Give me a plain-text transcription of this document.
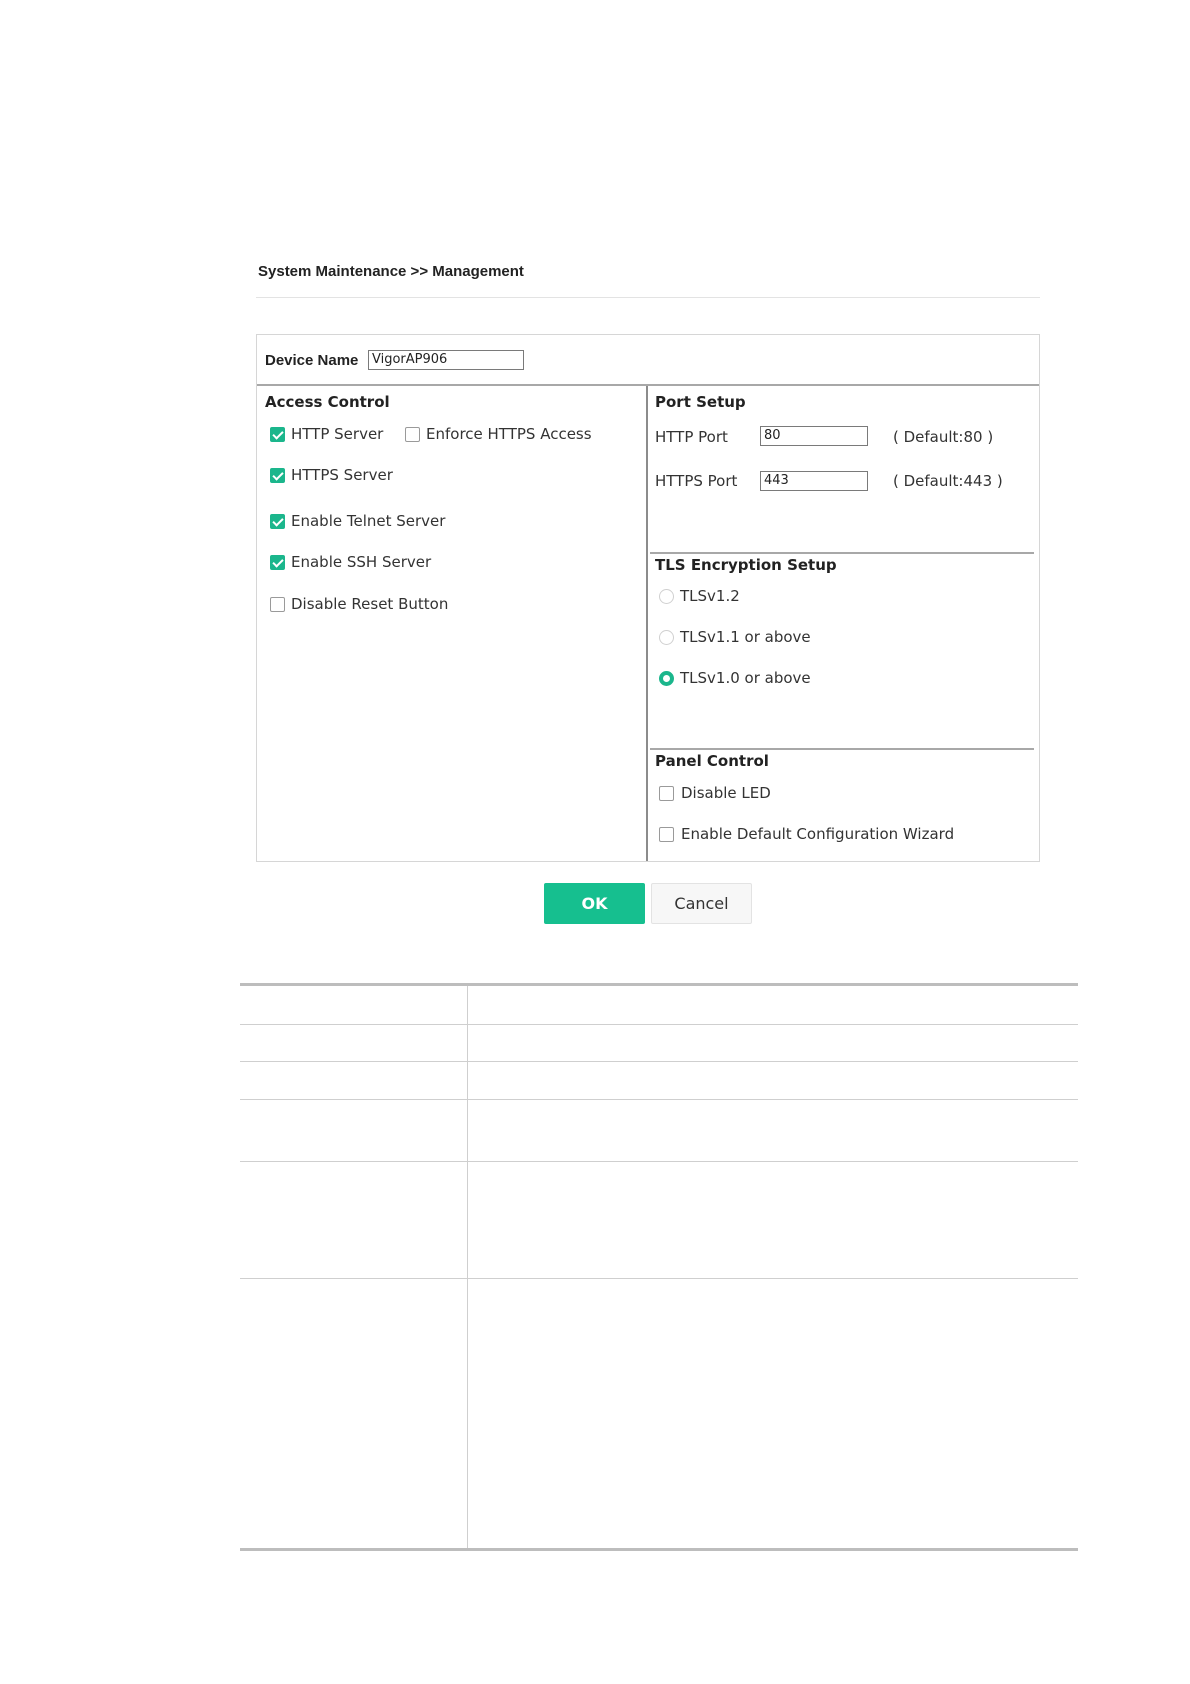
System Maintenance >> Management
Device Name	VigorAP906
Access Control
HTTP Server	Enforce HTTPS Access
HTTPS Server
Enable Telnet Server
Enable SSH Server
Disable Reset Button
Port Setup
HTTP Port	80	( Default:80 )
HTTPS Port	443	( Default:443 )
TLS Encryption Setup
TLSv1.2
TLSv1.1 or above
TLSv1.0 or above
Panel Control
Disable LED
Enable Default Configuration Wizard
OK	Cancel
